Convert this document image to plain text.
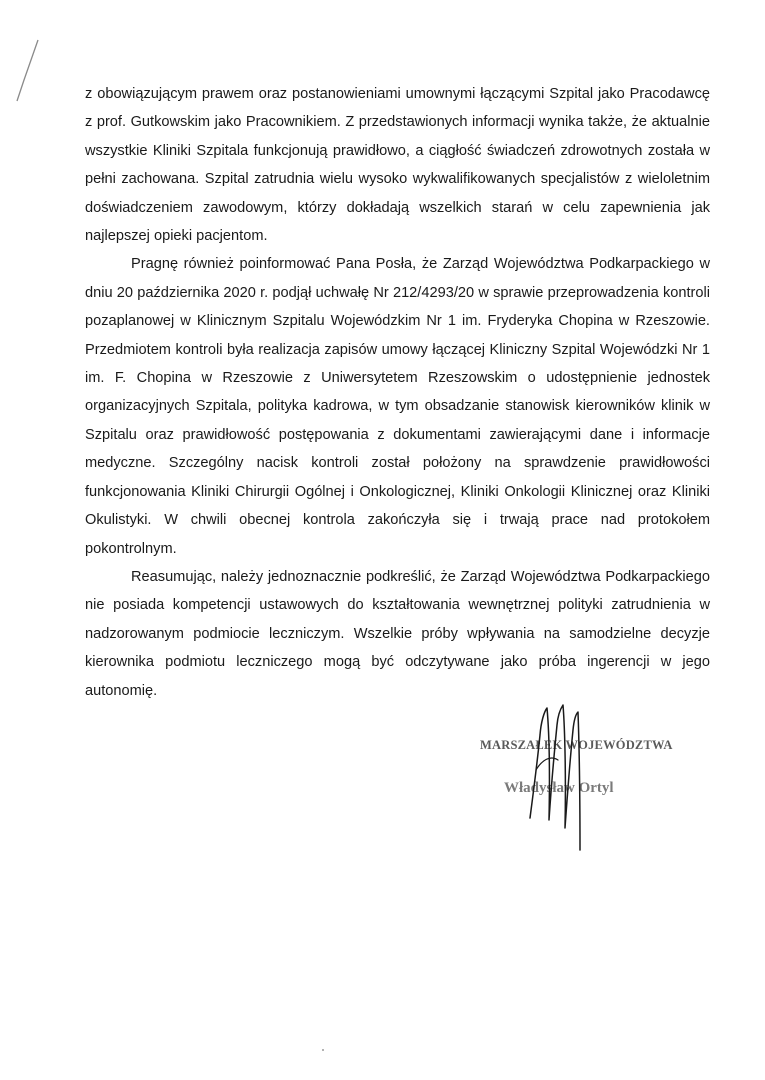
z obowiązującym prawem oraz postanowieniami umownymi łączącymi Szpital jako Pracodawcę z prof. Gutkowskim jako Pracownikiem. Z przedstawionych informacji wynika także, że aktualnie wszystkie Kliniki Szpitala funkcjonują prawidłowo, a ciągłość świadczeń zdrowotnych została w pełni zachowana. Szpital zatrudnia wielu wysoko wykwalifikowanych specjalistów z wieloletnim doświadczeniem zawodowym, którzy dokładają wszelkich starań w celu zapewnienia jak najlepszej opieki pacjentom.

Pragnę również poinformować Pana Posła, że Zarząd Województwa Podkarpackiego w dniu 20 października 2020 r. podjął uchwałę Nr 212/4293/20 w sprawie przeprowadzenia kontroli pozaplanowej w Klinicznym Szpitalu Wojewódzkim Nr 1 im. Fryderyka Chopina w Rzeszowie. Przedmiotem kontroli była realizacja zapisów umowy łączącej Kliniczny Szpital Wojewódzki Nr 1 im. F. Chopina w Rzeszowie z Uniwersytetem Rzeszowskim o udostępnienie jednostek organizacyjnych Szpitala, polityka kadrowa, w tym obsadzanie stanowisk kierowników klinik w Szpitalu oraz prawidłowość postępowania z dokumentami zawierającymi dane i informacje medyczne. Szczególny nacisk kontroli został położony na sprawdzenie prawidłowości funkcjonowania Kliniki Chirurgii Ogólnej i Onkologicznej, Kliniki Onkologii Klinicznej oraz Kliniki Okulistyki. W chwili obecnej kontrola zakończyła się i trwają prace nad protokołem pokontrolnym.

Reasumując, należy jednoznacznie podkreślić, że Zarząd Województwa Podkarpackiego nie posiada kompetencji ustawowych do kształtowania wewnętrznej polityki zatrudnienia w nadzorowanym podmiocie leczniczym. Wszelkie próby wpływania na samodzielne decyzje kierownika podmiotu leczniczego mogą być odczytywane jako próba ingerencji w jego autonomię.

MARSZAŁEK WOJEWÓDZTWA
Władysław Ortyl
